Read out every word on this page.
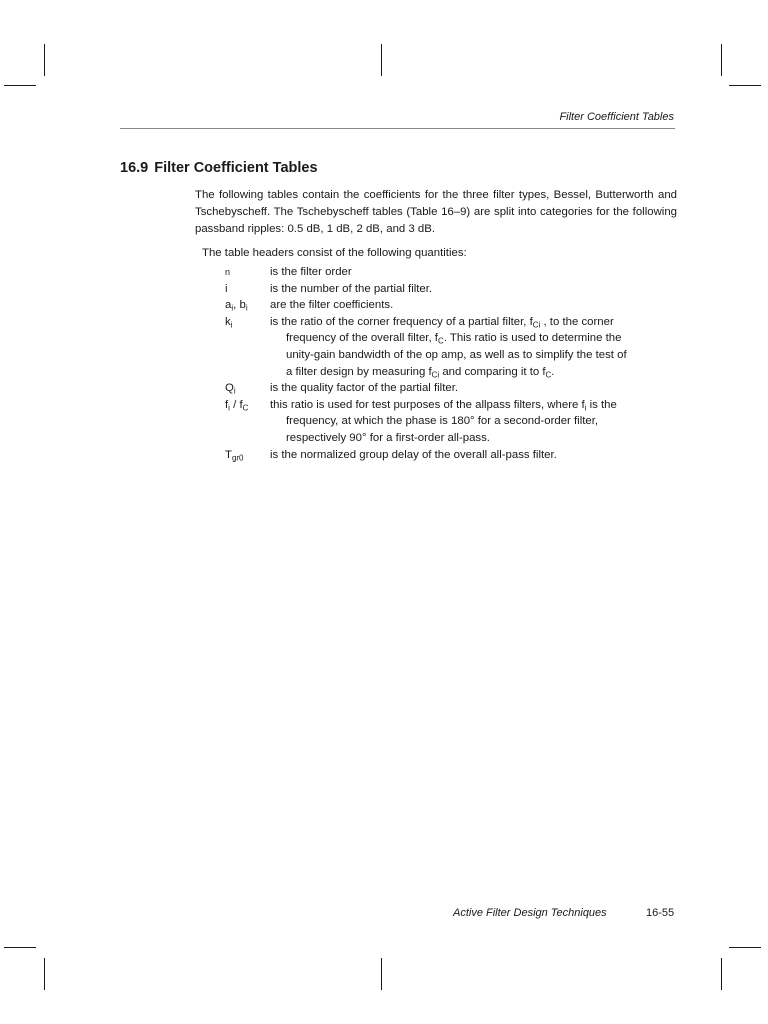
Filter Coefficient Tables
16.9 Filter Coefficient Tables

The following tables contain the coefficients for the three filter types, Bessel, Butterworth and Tschebyscheff. The Tschebyscheff tables (Table 16–9) are split into categories for the following passband ripples: 0.5 dB, 1 dB, 2 dB, and 3 dB.

The table headers consist of the following quantities:

n	is the filter order
i	is the number of the partial filter.
$a_i$, $b_i$	are the filter coefficients.
$k_i$	is the ratio of the corner frequency of a partial filter, $f_{Ci}$ , to the corner
frequency of the overall filter, $f_C$. This ratio is used to determine the
unity-gain bandwidth of the op amp, as well as to simplify the test of
a filter design by measuring $f_{Ci}$ and comparing it to $f_C$.
$Q_i$	is the quality factor of the partial filter.
$f_i / f_C$	this ratio is used for test purposes of the allpass filters, where $f_i$ is the
frequency, at which the phase is 180° for a second-order filter,
respectively 90° for a first-order all-pass.
$T_{gr0}$	is the normalized group delay of the overall all-pass filter.
Active Filter Design Techniques	16-55
